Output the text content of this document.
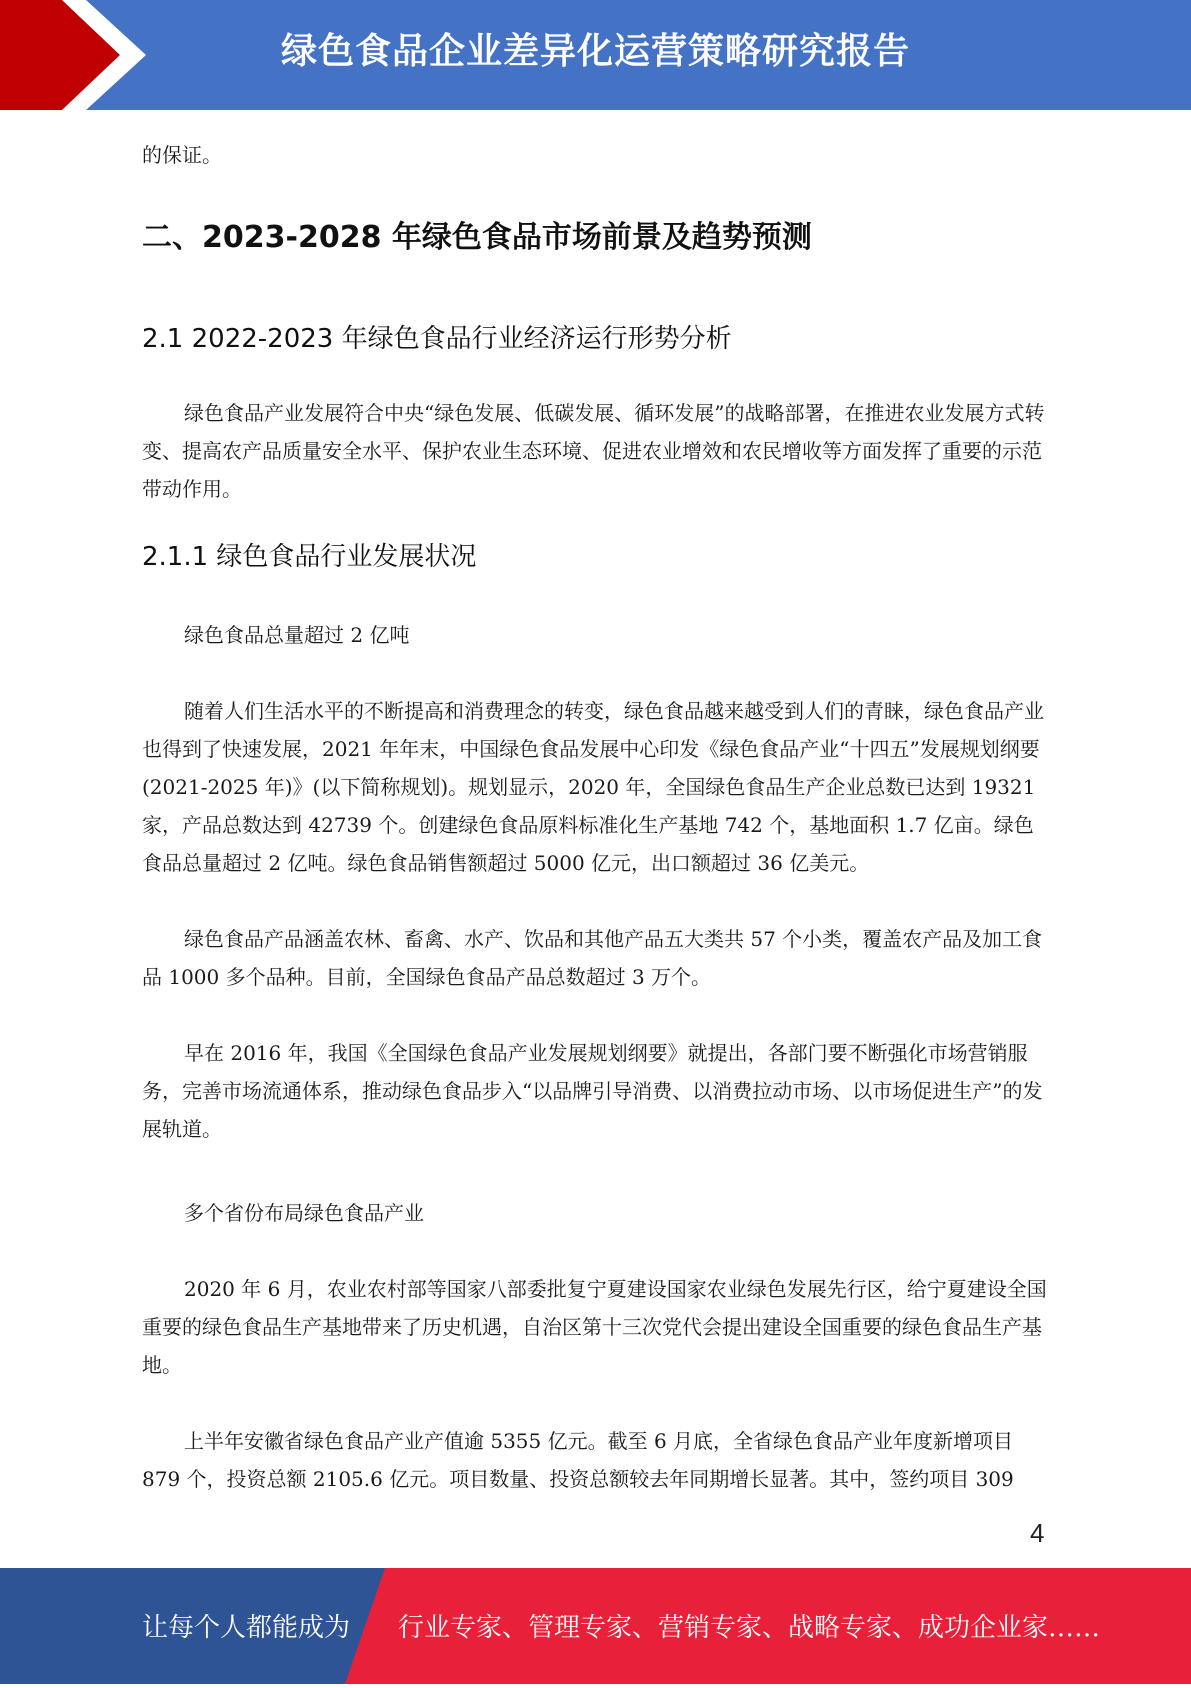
绿色食品企业差异化运营策略研究报告

的保证。

二、2023-2028 年绿色食品市场前景及趋势预测
2.1 2022-2023 年绿色食品行业经济运行形势分析

绿色食品产业发展符合中央“绿色发展、低碳发展、循环发展”的战略部署，在推进农业发展方式转变、提高农产品质量安全水平、保护农业生态环境、促进农业增效和农民增收等方面发挥了重要的示范带动作用。

2.1.1 绿色食品行业发展状况

绿色食品总量超过 2 亿吨

随着人们生活水平的不断提高和消费理念的转变，绿色食品越来越受到人们的青睐，绿色食品产业也得到了快速发展，2021 年年末，中国绿色食品发展中心印发《绿色食品产业“十四五”发展规划纲要(2021-2025 年)》(以下简称规划)。规划显示，2020 年，全国绿色食品生产企业总数已达到 19321 家，产品总数达到 42739 个。创建绿色食品原料标准化生产基地 742 个，基地面积 1.7 亿亩。绿色食品总量超过 2 亿吨。绿色食品销售额超过 5000 亿元，出口额超过 36 亿美元。

绿色食品产品涵盖农林、畜禽、水产、饮品和其他产品五大类共 57 个小类，覆盖农产品及加工食品 1000 多个品种。目前，全国绿色食品产品总数超过 3 万个。

早在 2016 年，我国《全国绿色食品产业发展规划纲要》就提出，各部门要不断强化市场营销服务，完善市场流通体系，推动绿色食品步入“以品牌引导消费、以消费拉动市场、以市场促进生产”的发展轨道。

多个省份布局绿色食品产业

2020 年 6 月，农业农村部等国家八部委批复宁夏建设国家农业绿色发展先行区，给宁夏建设全国重要的绿色食品生产基地带来了历史机遇，自治区第十三次党代会提出建设全国重要的绿色食品生产基地。

上半年安徽省绿色食品产业产值逾 5355 亿元。截至 6 月底，全省绿色食品产业年度新增项目 879 个，投资总额 2105.6 亿元。项目数量、投资总额较去年同期增长显著。其中，签约项目 309

4
让每个人都能成为 行业专家、管理专家、营销专家、战略专家、成功企业家……
